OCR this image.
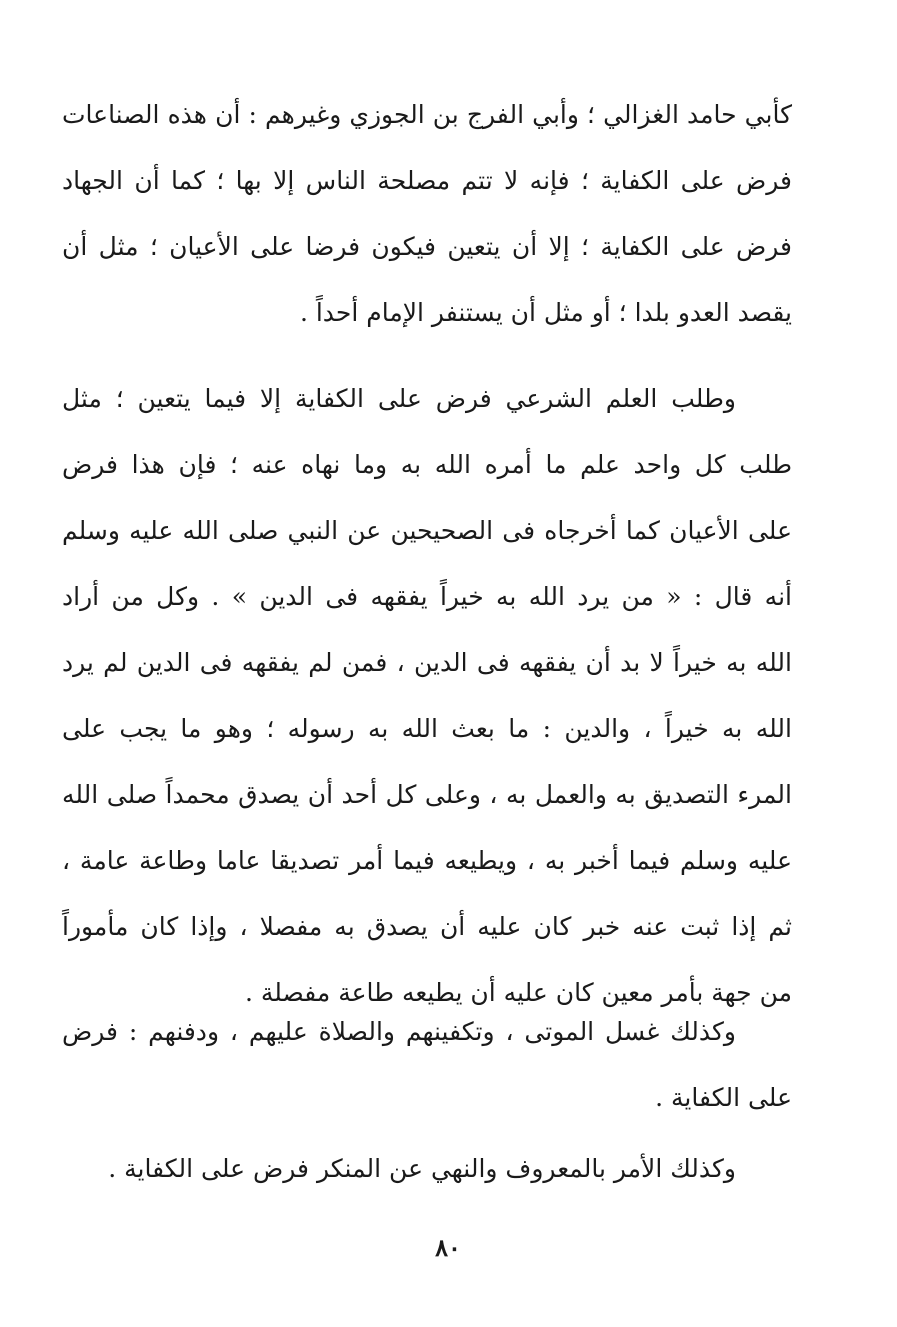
كأبي حامد الغزالي ؛ وأبي الفرج بن الجوزي وغيرهم : أن هذه الصناعات
فرض على الكفاية ؛ فإنه لا تتم مصلحة الناس إلا بها ؛ كما أن الجهاد
فرض على الكفاية ؛ إلا أن يتعين فيكون فرضا على الأعيان ؛ مثل أن
يقصد العدو بلدا ؛ أو مثل أن يستنفر الإمام أحداً .
وطلب العلم الشرعي فرض على الكفاية إلا فيما يتعين ؛ مثل
طلب كل واحد علم ما أمره الله به وما نهاه عنه ؛ فإن هذا فرض
على الأعيان كما أخرجاه فى الصحيحين عن النبي صلى الله عليه وسلم
أنه قال : « من يرد الله به خيراً يفقهه فى الدين » . وكل من أراد
الله به خيراً لا بد أن يفقهه فى الدين ، فمن لم يفقهه فى الدين لم يرد
الله به خيراً ، والدين : ما بعث الله به رسوله ؛ وهو ما يجب على
المرء التصديق به والعمل به ، وعلى كل أحد أن يصدق محمداً صلى الله
عليه وسلم فيما أخبر به ، ويطيعه فيما أمر تصديقا عاما وطاعة عامة ،
ثم إذا ثبت عنه خبر كان عليه أن يصدق به مفصلا ، وإذا كان مأموراً
من جهة بأمر معين كان عليه أن يطيعه طاعة مفصلة .
وكذلك غسل الموتى ، وتكفينهم والصلاة عليهم ، ودفنهم : فرض
على الكفاية .
وكذلك الأمر بالمعروف والنهي عن المنكر فرض على الكفاية .
٨٠
